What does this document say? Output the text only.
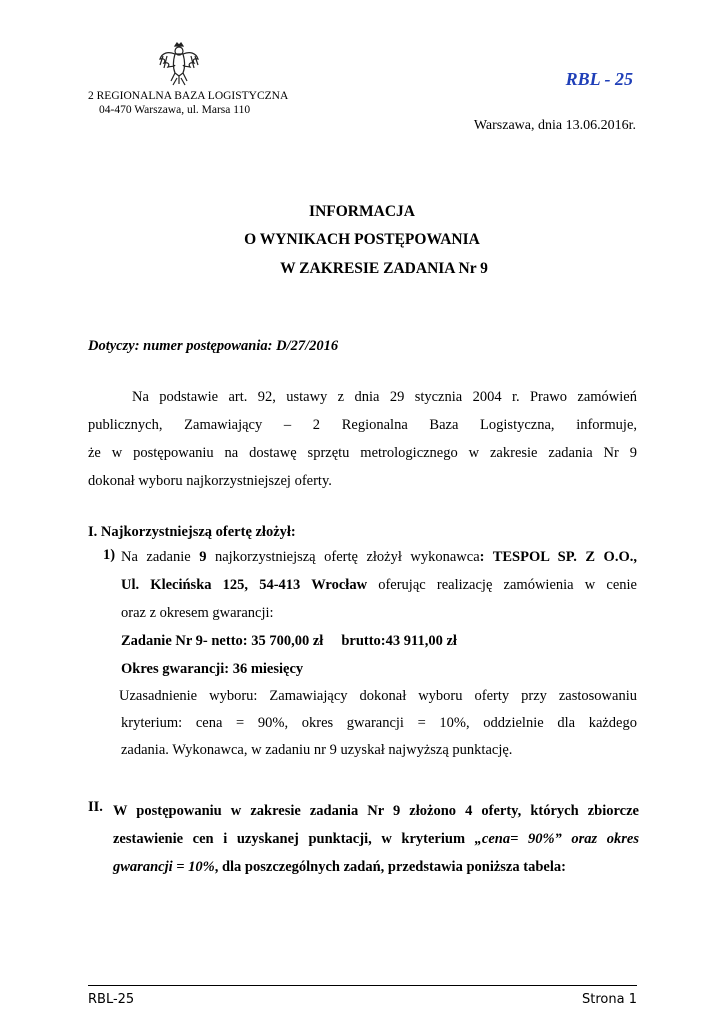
2 REGIONALNA BAZA LOGISTYCZNA
04-470 Warszawa, ul. Marsa 110
RBL - 25
Warszawa, dnia 13.06.2016r.
INFORMACJA
O WYNIKACH POSTĘPOWANIA
W ZAKRESIE ZADANIA Nr 9
Dotyczy: numer postępowania: D/27/2016
Na podstawie art. 92, ustawy z dnia 29 stycznia 2004 r. Prawo zamówień
publicznych, Zamawiający – 2 Regionalna Baza Logistyczna, informuje,
że w postępowaniu na dostawę sprzętu metrologicznego w zakresie zadania Nr 9
dokonał wyboru najkorzystniejszej oferty.
I. Najkorzystniejszą ofertę złożył:
1) Na zadanie 9 najkorzystniejszą ofertę złożył wykonawca: TESPOL SP. Z O.O.,
Ul. Klecińska 125, 54-413 Wrocław oferując realizację zamówienia w cenie
oraz z okresem gwarancji:
Zadanie Nr 9- netto: 35 700,00 zł brutto:43 911,00 zł
Okres gwarancji: 36 miesięcy
Uzasadnienie wyboru: Zamawiający dokonał wyboru oferty przy zastosowaniu
kryterium: cena = 90%, okres gwarancji = 10%, oddzielnie dla każdego
zadania. Wykonawca, w zadaniu nr 9 uzyskał najwyższą punktację.
II. W postępowaniu w zakresie zadania Nr 9 złożono 4 oferty, których zbiorcze
zestawienie cen i uzyskanej punktacji, w kryterium „cena= 90%” oraz okres
gwarancji = 10%, dla poszczególnych zadań, przedstawia poniższa tabela:
RBL-25	Strona 1
